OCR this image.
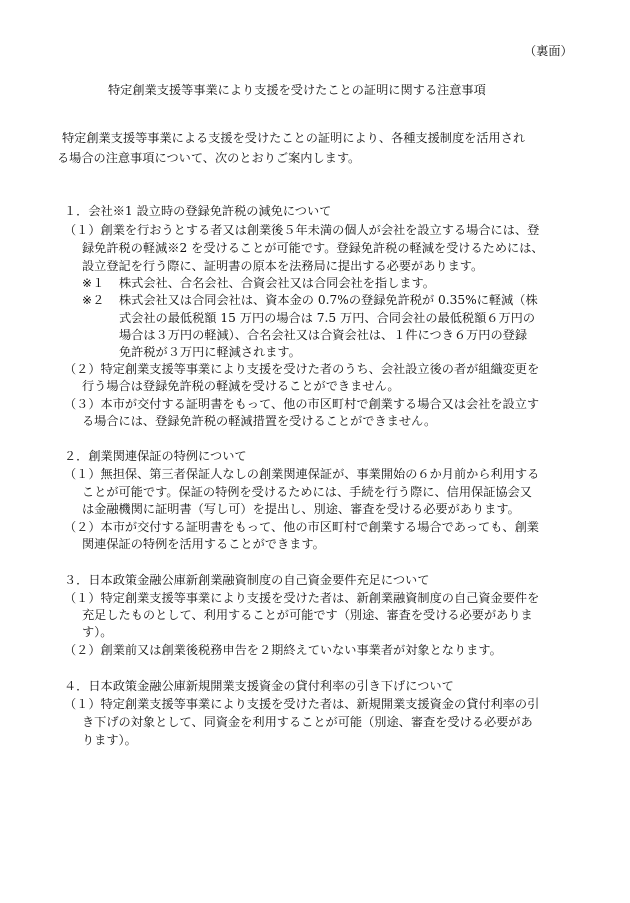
（裏面）
特定創業支援等事業により支援を受けたことの証明に関する注意事項
特定創業支援等事業による支援を受けたことの証明により、各種支援制度を活用され
る場合の注意事項について、次のとおりご案内します。
１．会社※1 設立時の登録免許税の減免について
（１）創業を行おうとする者又は創業後５年未満の個人が会社を設立する場合には、登
録免許税の軽減※2 を受けることが可能です。登録免許税の軽減を受けるためには、
設立登記を行う際に、証明書の原本を法務局に提出する必要があります。
※１ 株式会社、合名会社、合資会社又は合同会社を指します。
※２ 株式会社又は合同会社は、資本金の 0.7%の登録免許税が 0.35%に軽減（株
式会社の最低税額 15 万円の場合は 7.5 万円、合同会社の最低税額６万円の
場合は３万円の軽減）、合名会社又は合資会社は、１件につき６万円の登録
免許税が３万円に軽減されます。
（２）特定創業支援等事業により支援を受けた者のうち、会社設立後の者が組織変更を
行う場合は登録免許税の軽減を受けることができません。
（３）本市が交付する証明書をもって、他の市区町村で創業する場合又は会社を設立す
る場合には、登録免許税の軽減措置を受けることができません。
２．創業関連保証の特例について
（１）無担保、第三者保証人なしの創業関連保証が、事業開始の６か月前から利用する
ことが可能です。保証の特例を受けるためには、手続を行う際に、信用保証協会又
は金融機関に証明書（写し可）を提出し、別途、審査を受ける必要があります。
（２）本市が交付する証明書をもって、他の市区町村で創業する場合であっても、創業
関連保証の特例を活用することができます。
３．日本政策金融公庫新創業融資制度の自己資金要件充足について
（１）特定創業支援等事業により支援を受けた者は、新創業融資制度の自己資金要件を
充足したものとして、利用することが可能です（別途、審査を受ける必要がありま
す）。
（２）創業前又は創業後税務申告を２期終えていない事業者が対象となります。
４．日本政策金融公庫新規開業支援資金の貸付利率の引き下げについて
（１）特定創業支援等事業により支援を受けた者は、新規開業支援資金の貸付利率の引
き下げの対象として、同資金を利用することが可能（別途、審査を受ける必要があ
ります）。
